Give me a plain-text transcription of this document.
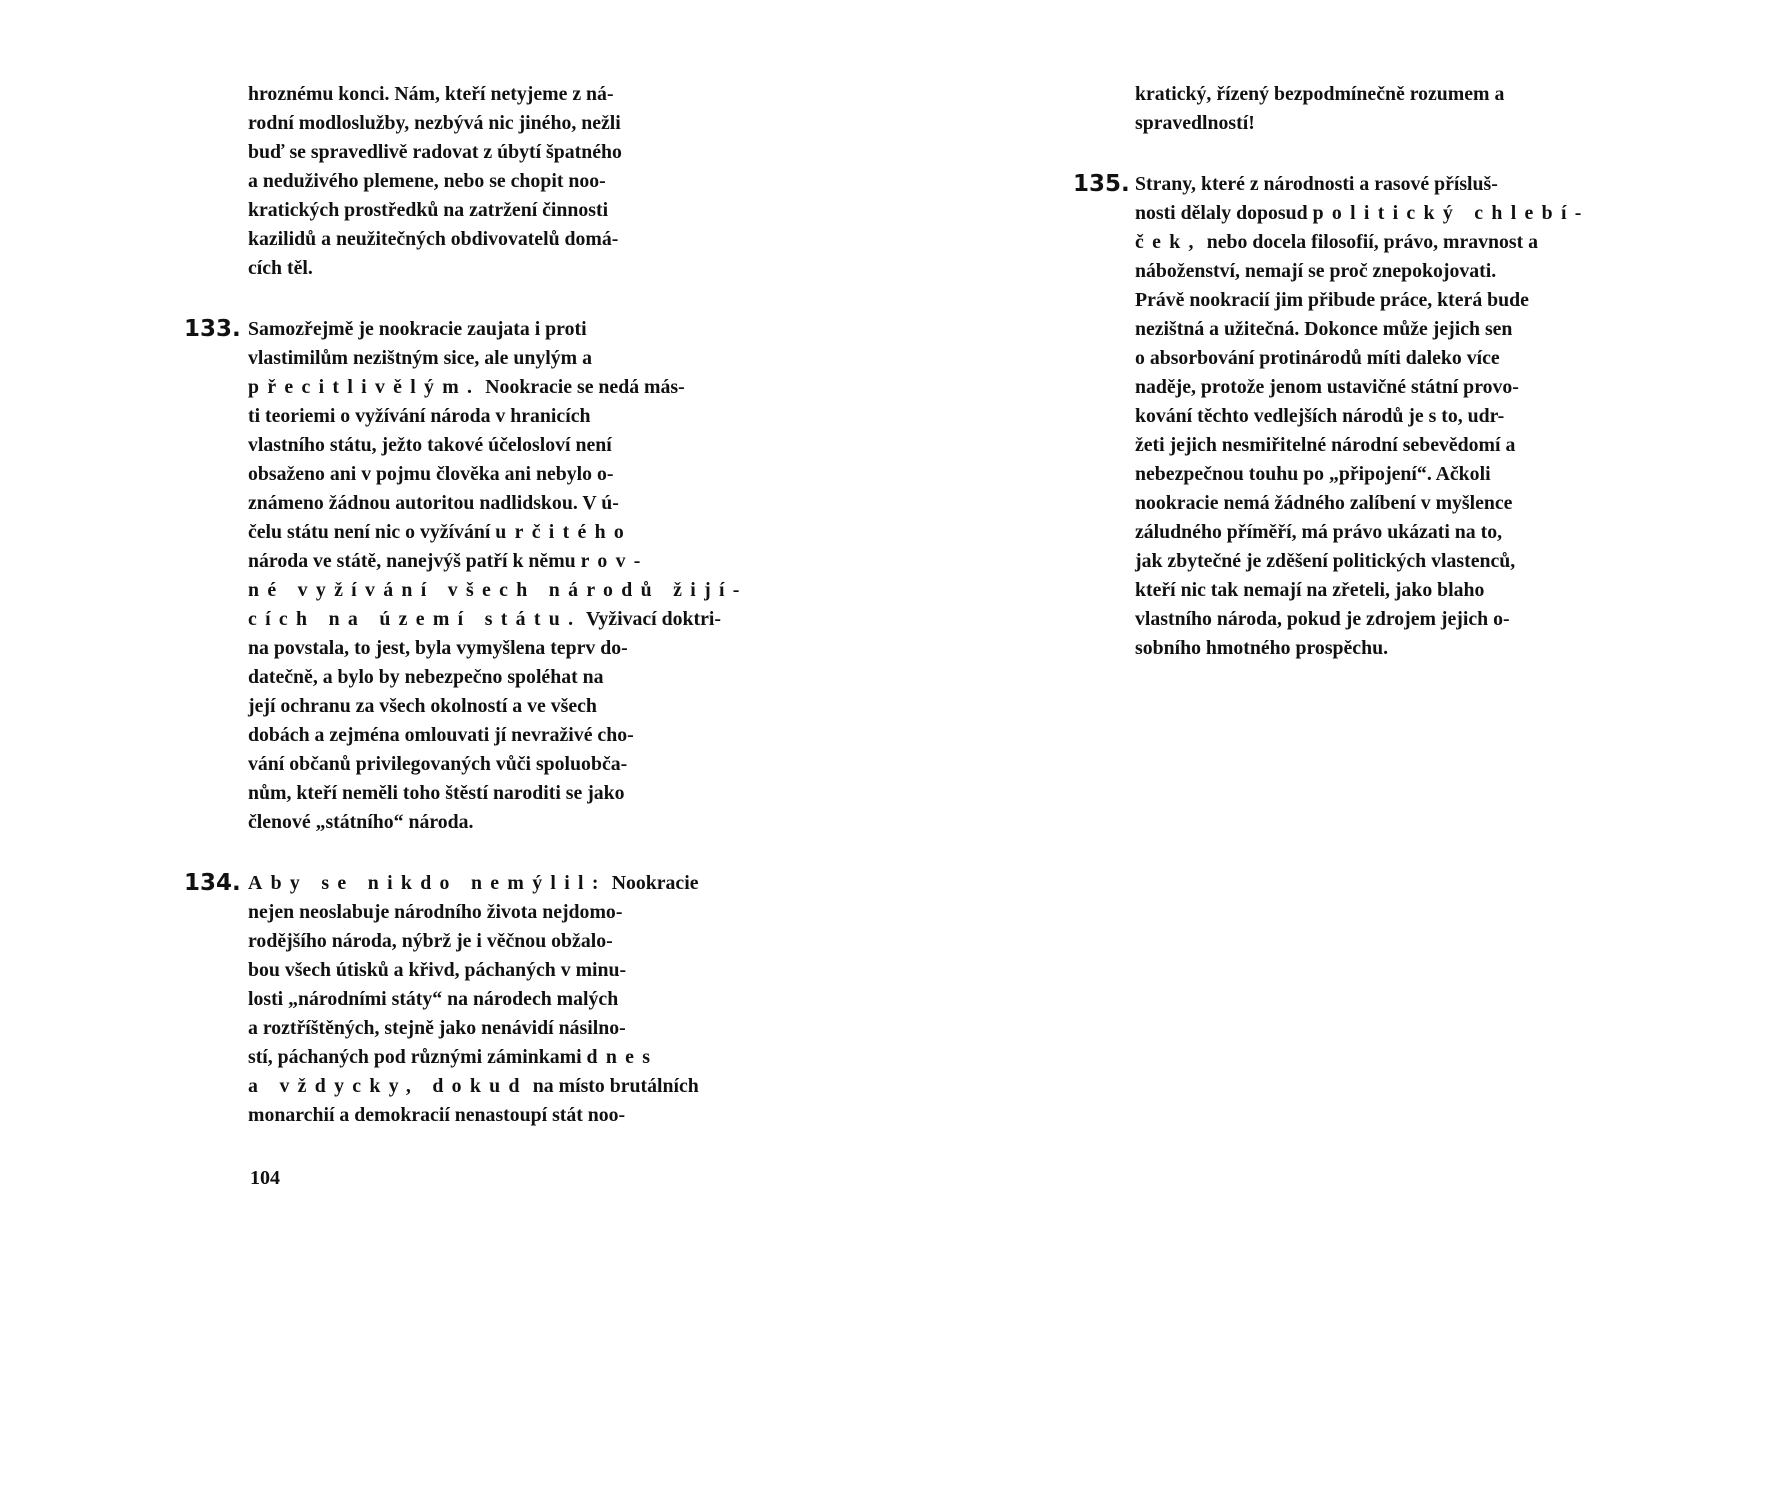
hroznému konci. Nám, kteří netyjeme z ná-
rodní modloslužby, nezbývá nic jiného, nežli
buď se spravedlivě radovat z úbytí špatného
a neduživého plemene, nebo se chopit noo-
kratických prostředků na zatržení činnosti
kazilidů a neužitečných obdivovatelů domá-
cích těl.
133. Samozřejmě je nookracie zaujata i proti
vlastimilům nezištným sice, ale unylým a
přecitlivělým. Nookracie se nedá más-
ti teoriemi o vyžívání národa v hranicích
vlastního státu, ježto takové účelosloví není
obsaženo ani v pojmu člověka ani nebylo o-
známeno žádnou autoritou nadlidskou. V ú-
čelu státu není nic o vyžívání určitého
národa ve státě, nanejvýš patří k němu rov-
né vyžívání všech národů žijí-
cích na území státu. Vyživací doktri-
na povstala, to jest, byla vymyšlena teprv do-
datečně, a bylo by nebezpečno spoléhat na
její ochranu za všech okolností a ve všech
dobách a zejména omlouvati jí nevraživé cho-
vání občanů privilegovaných vůči spoluobča-
nům, kteří neměli toho štěstí naroditi se jako
členové „státního“ národa.
134. Aby se nikdo nemýlil: Nookracie
nejen neoslabuje národního života nejdomo-
rodějšího národa, nýbrž je i věčnou obžalo-
bou všech útisků a křivd, páchaných v minu-
losti „národními státy“ na národech malých
a roztříštěných, stejně jako nenávidí násilno-
stí, páchaných pod různými záminkami dnes
a vždycky, dokud na místo brutálních
monarchií a demokracií nenastoupí stát noo-
104
kratický, řízený bezpodmínečně rozumem a
spravedlností!
135. Strany, které z národnosti a rasové přísluš-
nosti dělaly doposud politický chlebí-
ček, nebo docela filosofií, právo, mravnost a
náboženství, nemají se proč znepokojovati.
Právě nookracií jim přibude práce, která bude
nezištná a užitečná. Dokonce může jejich sen
o absorbování protinárodů míti daleko více
naděje, protože jenom ustavičné státní provo-
kování těchto vedlejších národů je s to, udr-
žeti jejich nesmiřitelné národní sebevědomí a
nebezpečnou touhu po „připojení“. Ačkoli
nookracie nemá žádného zalíbení v myšlence
záludného příměří, má právo ukázati na to,
jak zbytečné je zděšení politických vlastenců,
kteří nic tak nemají na zřeteli, jako blaho
vlastního národa, pokud je zdrojem jejich o-
sobního hmotného prospěchu.
